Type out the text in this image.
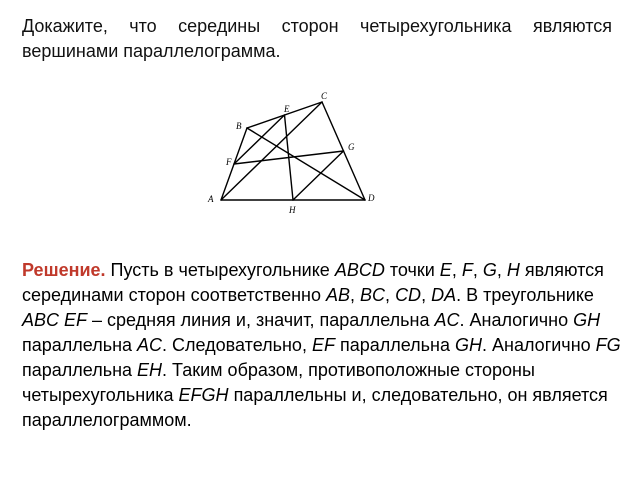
Докажите, что середины сторон четырехугольника являются вершинами параллелограмма.

A
B
C
D
E
F
G
H

Решение. Пусть в четырехугольнике ABCD точки E, F, G, H являются серединами сторон соответственно AB, BC, CD, DA. В треугольнике ABC EF – средняя линия и, значит, параллельна AC. Аналогично GH параллельна AC. Следовательно, EF параллельна GH. Аналогично FG параллельна EH. Таким образом, противоположные стороны четырехугольника EFGH параллельны и, следовательно, он является параллелограммом.
